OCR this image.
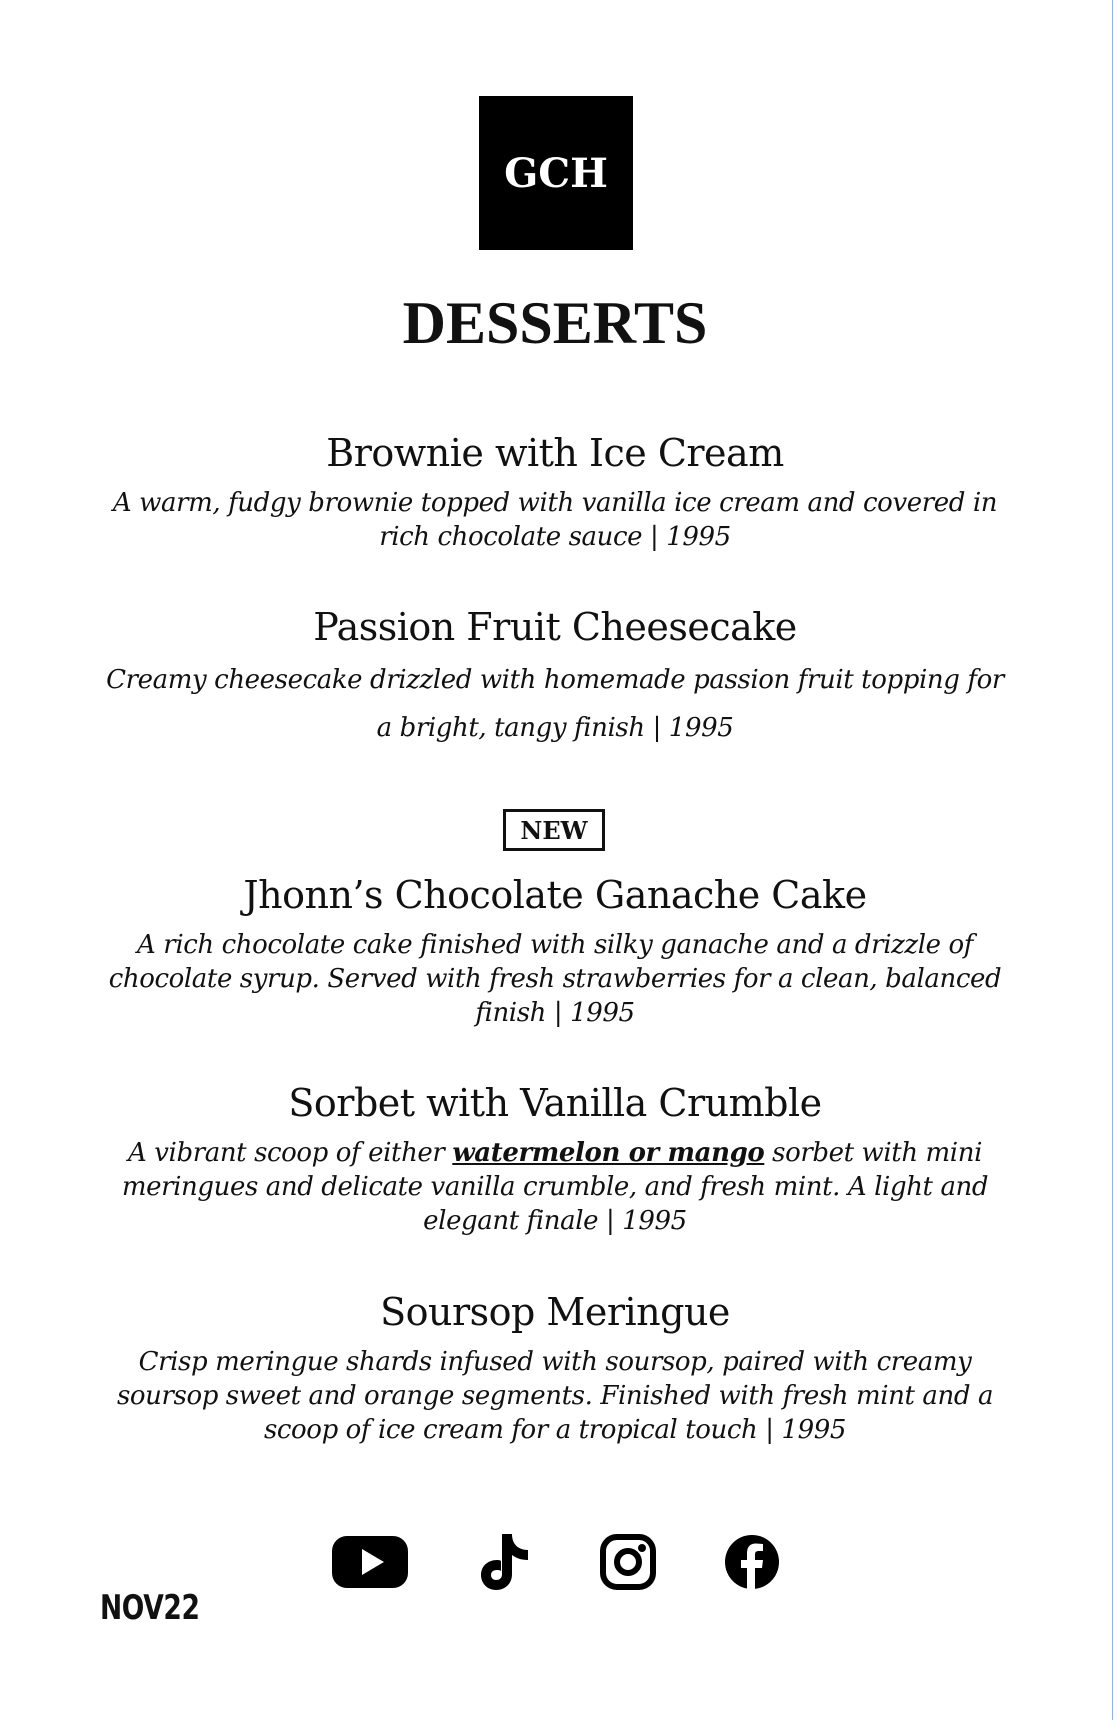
GCH
DESSERTS
Brownie with Ice Cream
A warm, fudgy brownie topped with vanilla ice cream and covered in
rich chocolate sauce | 1995
Passion Fruit Cheesecake
Creamy cheesecake drizzled with homemade passion fruit topping for
a bright, tangy finish | 1995
NEW
Jhonn’s Chocolate Ganache Cake
A rich chocolate cake finished with silky ganache and a drizzle of
chocolate syrup. Served with fresh strawberries for a clean, balanced
finish | 1995
Sorbet with Vanilla Crumble
A vibrant scoop of either watermelon or mango sorbet with mini
meringues and delicate vanilla crumble, and fresh mint. A light and
elegant finale | 1995
Soursop Meringue
Crisp meringue shards infused with soursop, paired with creamy
soursop sweet and orange segments. Finished with fresh mint and a
scoop of ice cream for a tropical touch | 1995
NOV22
